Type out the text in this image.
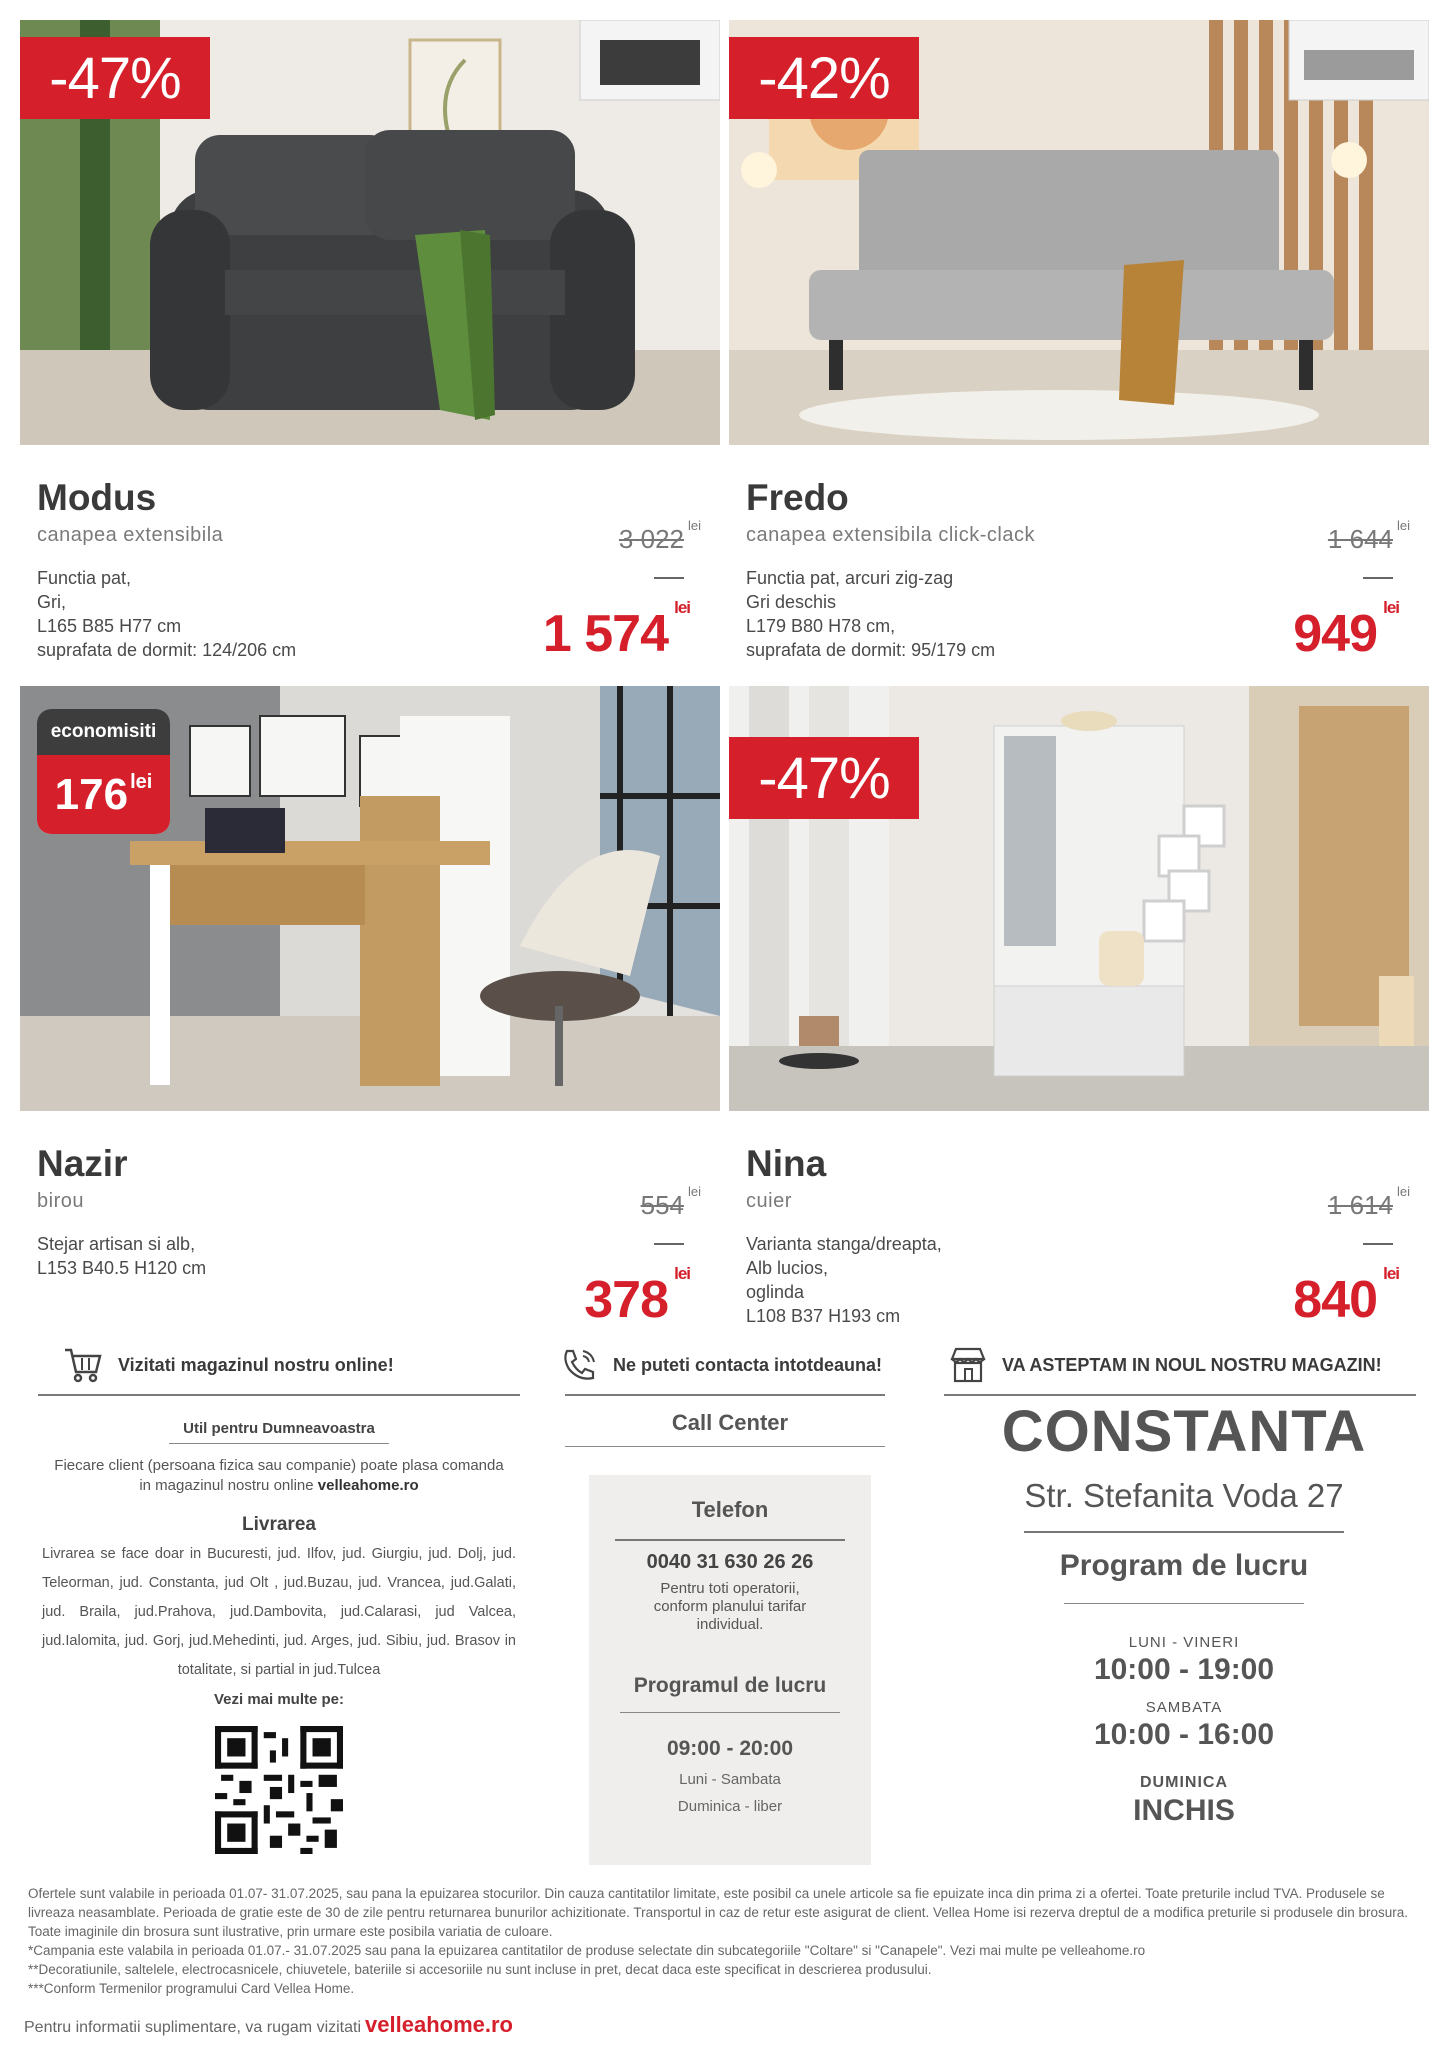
-47%
Modus
canapea extensibila
Functia pat,
Gri,
L165 B85 H77 cm
suprafata de dormit: 124/206 cm
3 022 lei
1 574 lei
-42%
Fredo
canapea extensibila click-clack
Functia pat, arcuri zig-zag
Gri deschis
L179 B80 H78 cm,
suprafata de dormit: 95/179 cm
1 644 lei
949 lei
economisiti
$176^{lei}$
Nazir
birou
Stejar artisan si alb,
L153 B40.5 H120 cm
554 lei
378 lei
-47%
Nina
cuier
Varianta stanga/dreapta,
Alb lucios,
oglinda
L108 B37 H193 cm
1 614 lei
840 lei
Vizitati magazinul nostru online!
Util pentru Dumneavoastra
Fiecare client (persoana fizica sau companie) poate plasa comanda in magazinul nostru online velleahome.ro
Livrarea
Livrarea se face doar in Bucuresti, jud. Ilfov, jud. Giurgiu, jud. Dolj, jud. Teleorman, jud. Constanta, jud Olt , jud.Buzau, jud. Vrancea, jud.Galati, jud. Braila, jud.Prahova, jud.Dambovita, jud.Calarasi, jud Valcea, jud.Ialomita, jud. Gorj, jud.Mehedinti, jud. Arges, jud. Sibiu, jud. Brasov in totalitate, si partial in jud.Tulcea
Vezi mai multe pe:
Ne puteti contacta intotdeauna!
Call Center
Telefon
0040 31 630 26 26
Pentru toti operatorii, conform planului tarifar individual.
Programul de lucru
09:00 - 20:00
Luni - Sambata
Duminica - liber
VA ASTEPTAM IN NOUL NOSTRU MAGAZIN!
CONSTANTA
Str. Stefanita Voda 27
Program de lucru
LUNI - VINERI
10:00 - 19:00
SAMBATA
10:00 - 16:00
DUMINICA
INCHIS
Ofertele sunt valabile in perioada 01.07- 31.07.2025, sau pana la epuizarea stocurilor. Din cauza cantitatilor limitate, este posibil ca unele articole sa fie epuizate inca din prima zi a ofertei. Toate preturile includ TVA. Produsele se livreaza neasamblate. Perioada de gratie este de 30 de zile pentru returnarea bunurilor achizitionate. Transportul in caz de retur este asigurat de client. Vellea Home isi rezerva dreptul de a modifica preturile si produsele din brosura. Toate imaginile din brosura sunt ilustrative, prin urmare este posibila variatia de culoare.
*Campania este valabila in perioada 01.07.- 31.07.2025 sau pana la epuizarea cantitatilor de produse selectate din subcategoriile "Coltare" si "Canapele". Vezi mai multe pe velleahome.ro
**Decoratiunile, saltelele, electrocasnicele, chiuvetele, bateriile si accesoriile nu sunt incluse in pret, decat daca este specificat in descrierea produsului.
***Conform Termenilor programului Card Vellea Home.
Pentru informatii suplimentare, va rugam vizitati velleahome.ro
